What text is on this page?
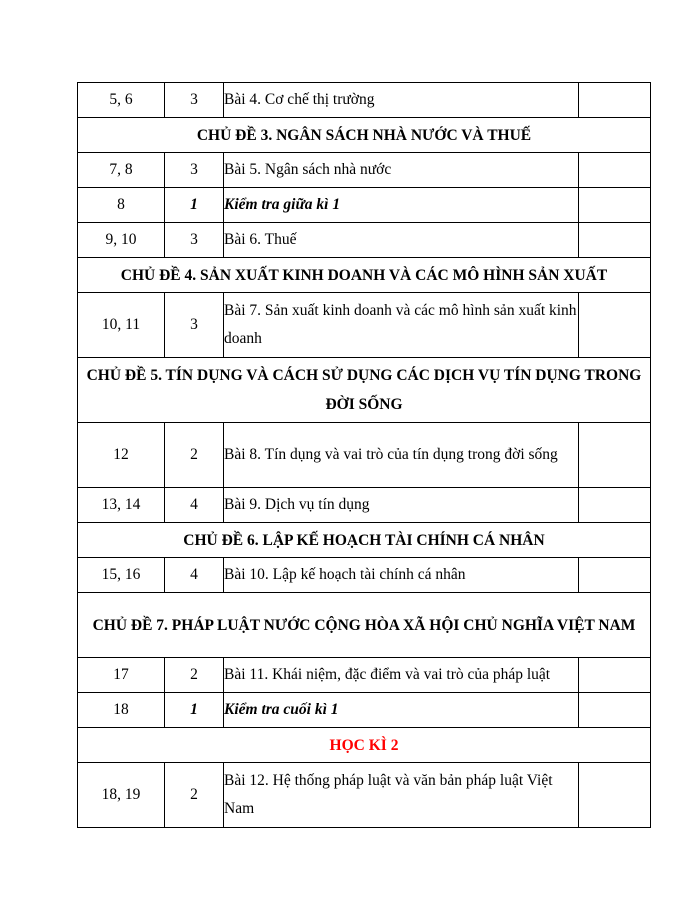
5, 6	3	Bài 4. Cơ chế thị trường	
CHỦ ĐỀ 3. NGÂN SÁCH NHÀ NƯỚC VÀ THUẾ			
7, 8	3	Bài 5. Ngân sách nhà nước	
8	1	Kiểm tra giữa kì 1	
9, 10	3	Bài 6. Thuế	
CHỦ ĐỀ 4. SẢN XUẤT KINH DOANH VÀ CÁC MÔ HÌNH SẢN XUẤT			
10, 11	3	Bài 7. Sản xuất kinh doanh và các mô hình sản xuất kinh doanh	
CHỦ ĐỀ 5. TÍN DỤNG VÀ CÁCH SỬ DỤNG CÁC DỊCH VỤ TÍN DỤNG TRONG ĐỜI SỐNG			
12	2	Bài 8. Tín dụng và vai trò của tín dụng trong đời sống	
13, 14	4	Bài 9. Dịch vụ tín dụng	
CHỦ ĐỀ 6. LẬP KẾ HOẠCH TÀI CHÍNH CÁ NHÂN			
15, 16	4	Bài 10. Lập kế hoạch tài chính cá nhân	
CHỦ ĐỀ 7. PHÁP LUẬT NƯỚC CỘNG HÒA XÃ HỘI CHỦ NGHĨA VIỆT NAM			
17	2	Bài 11. Khái niệm, đặc điểm và vai trò của pháp luật	
18	1	Kiểm tra cuối kì 1	
HỌC KÌ 2			
18, 19	2	Bài 12. Hệ thống pháp luật và văn bản pháp luật Việt Nam	
